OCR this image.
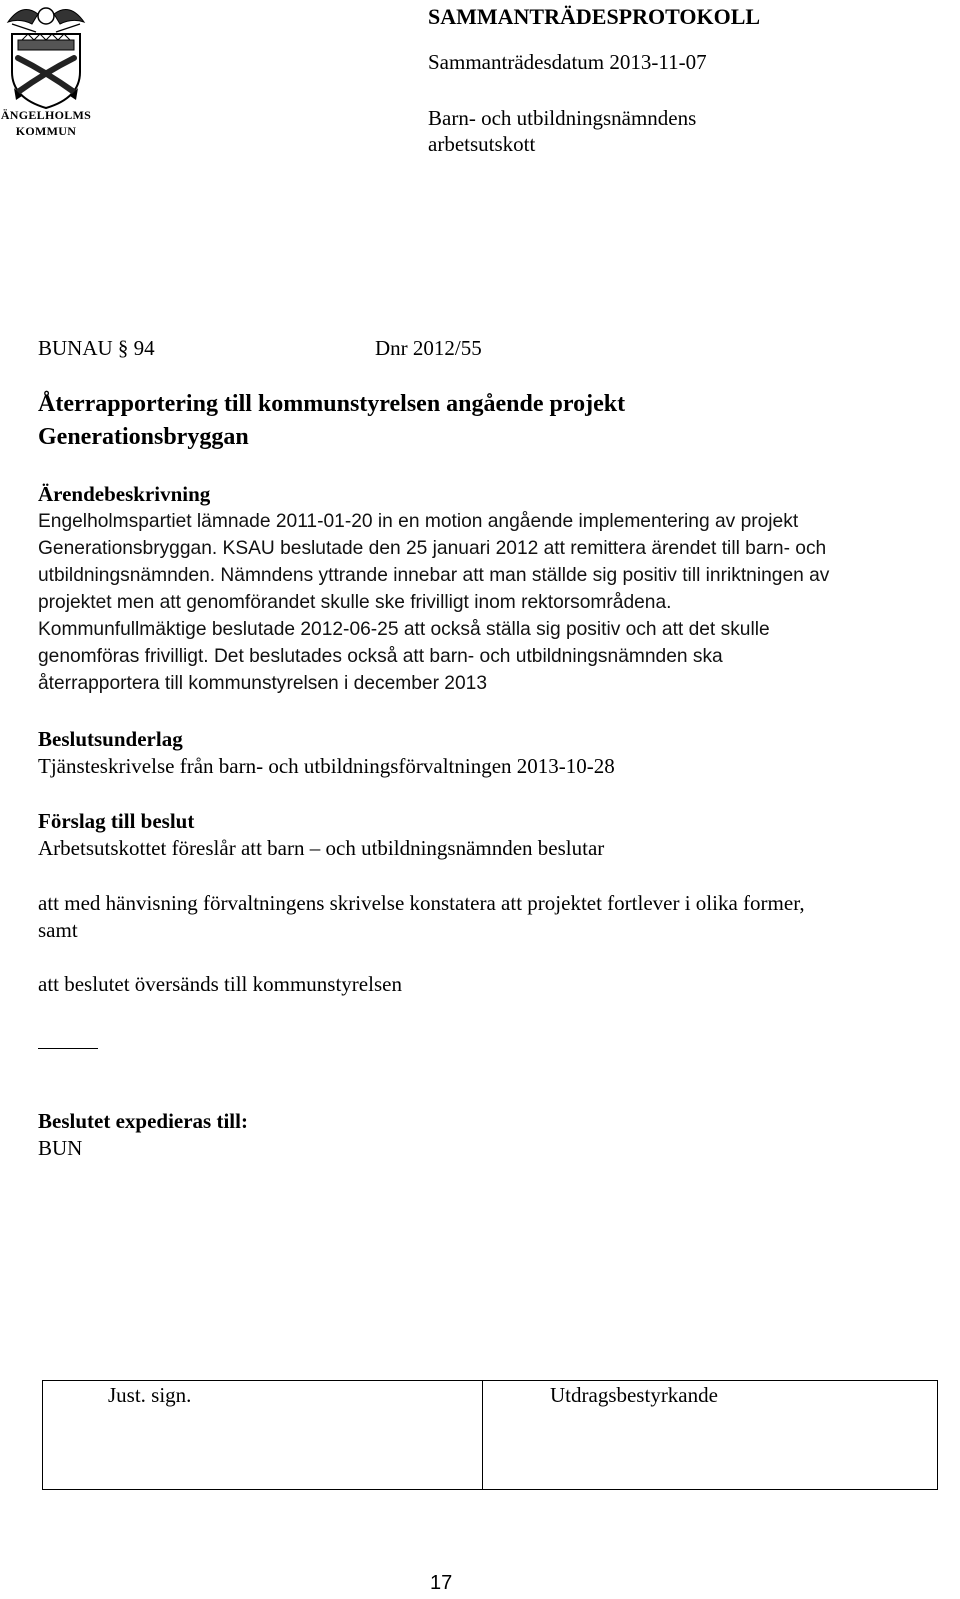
ÄNGELHOLMS
KOMMUN
SAMMANTRÄDESPROTOKOLL
Sammanträdesdatum 2013-11-07
Barn- och utbildningsnämndens
arbetsutskott
BUNAU § 94	Dnr 2012/55
Återrapportering till kommunstyrelsen angående projekt
Generationsbryggan
Ärendebeskrivning
Engelholmspartiet lämnade 2011-01-20 in en motion angående implementering av projekt
Generationsbryggan. KSAU beslutade den 25 januari 2012 att remittera ärendet till barn- och
utbildningsnämnden. Nämndens yttrande innebar att man ställde sig positiv till inriktningen av
projektet men att genomförandet skulle ske frivilligt inom rektorsområdena.
Kommunfullmäktige beslutade 2012-06-25 att också ställa sig positiv och att det skulle
genomföras frivilligt. Det beslutades också att barn- och utbildningsnämnden ska
återrapportera till kommunstyrelsen i december 2013
Beslutsunderlag
Tjänsteskrivelse från barn- och utbildningsförvaltningen 2013-10-28
Förslag till beslut
Arbetsutskottet föreslår att barn – och utbildningsnämnden beslutar
att med hänvisning förvaltningens skrivelse konstatera att projektet fortlever i olika former,
samt
att beslutet översänds till kommunstyrelsen
Beslutet expedieras till:
BUN
Just. sign.	Utdragsbestyrkande
17
